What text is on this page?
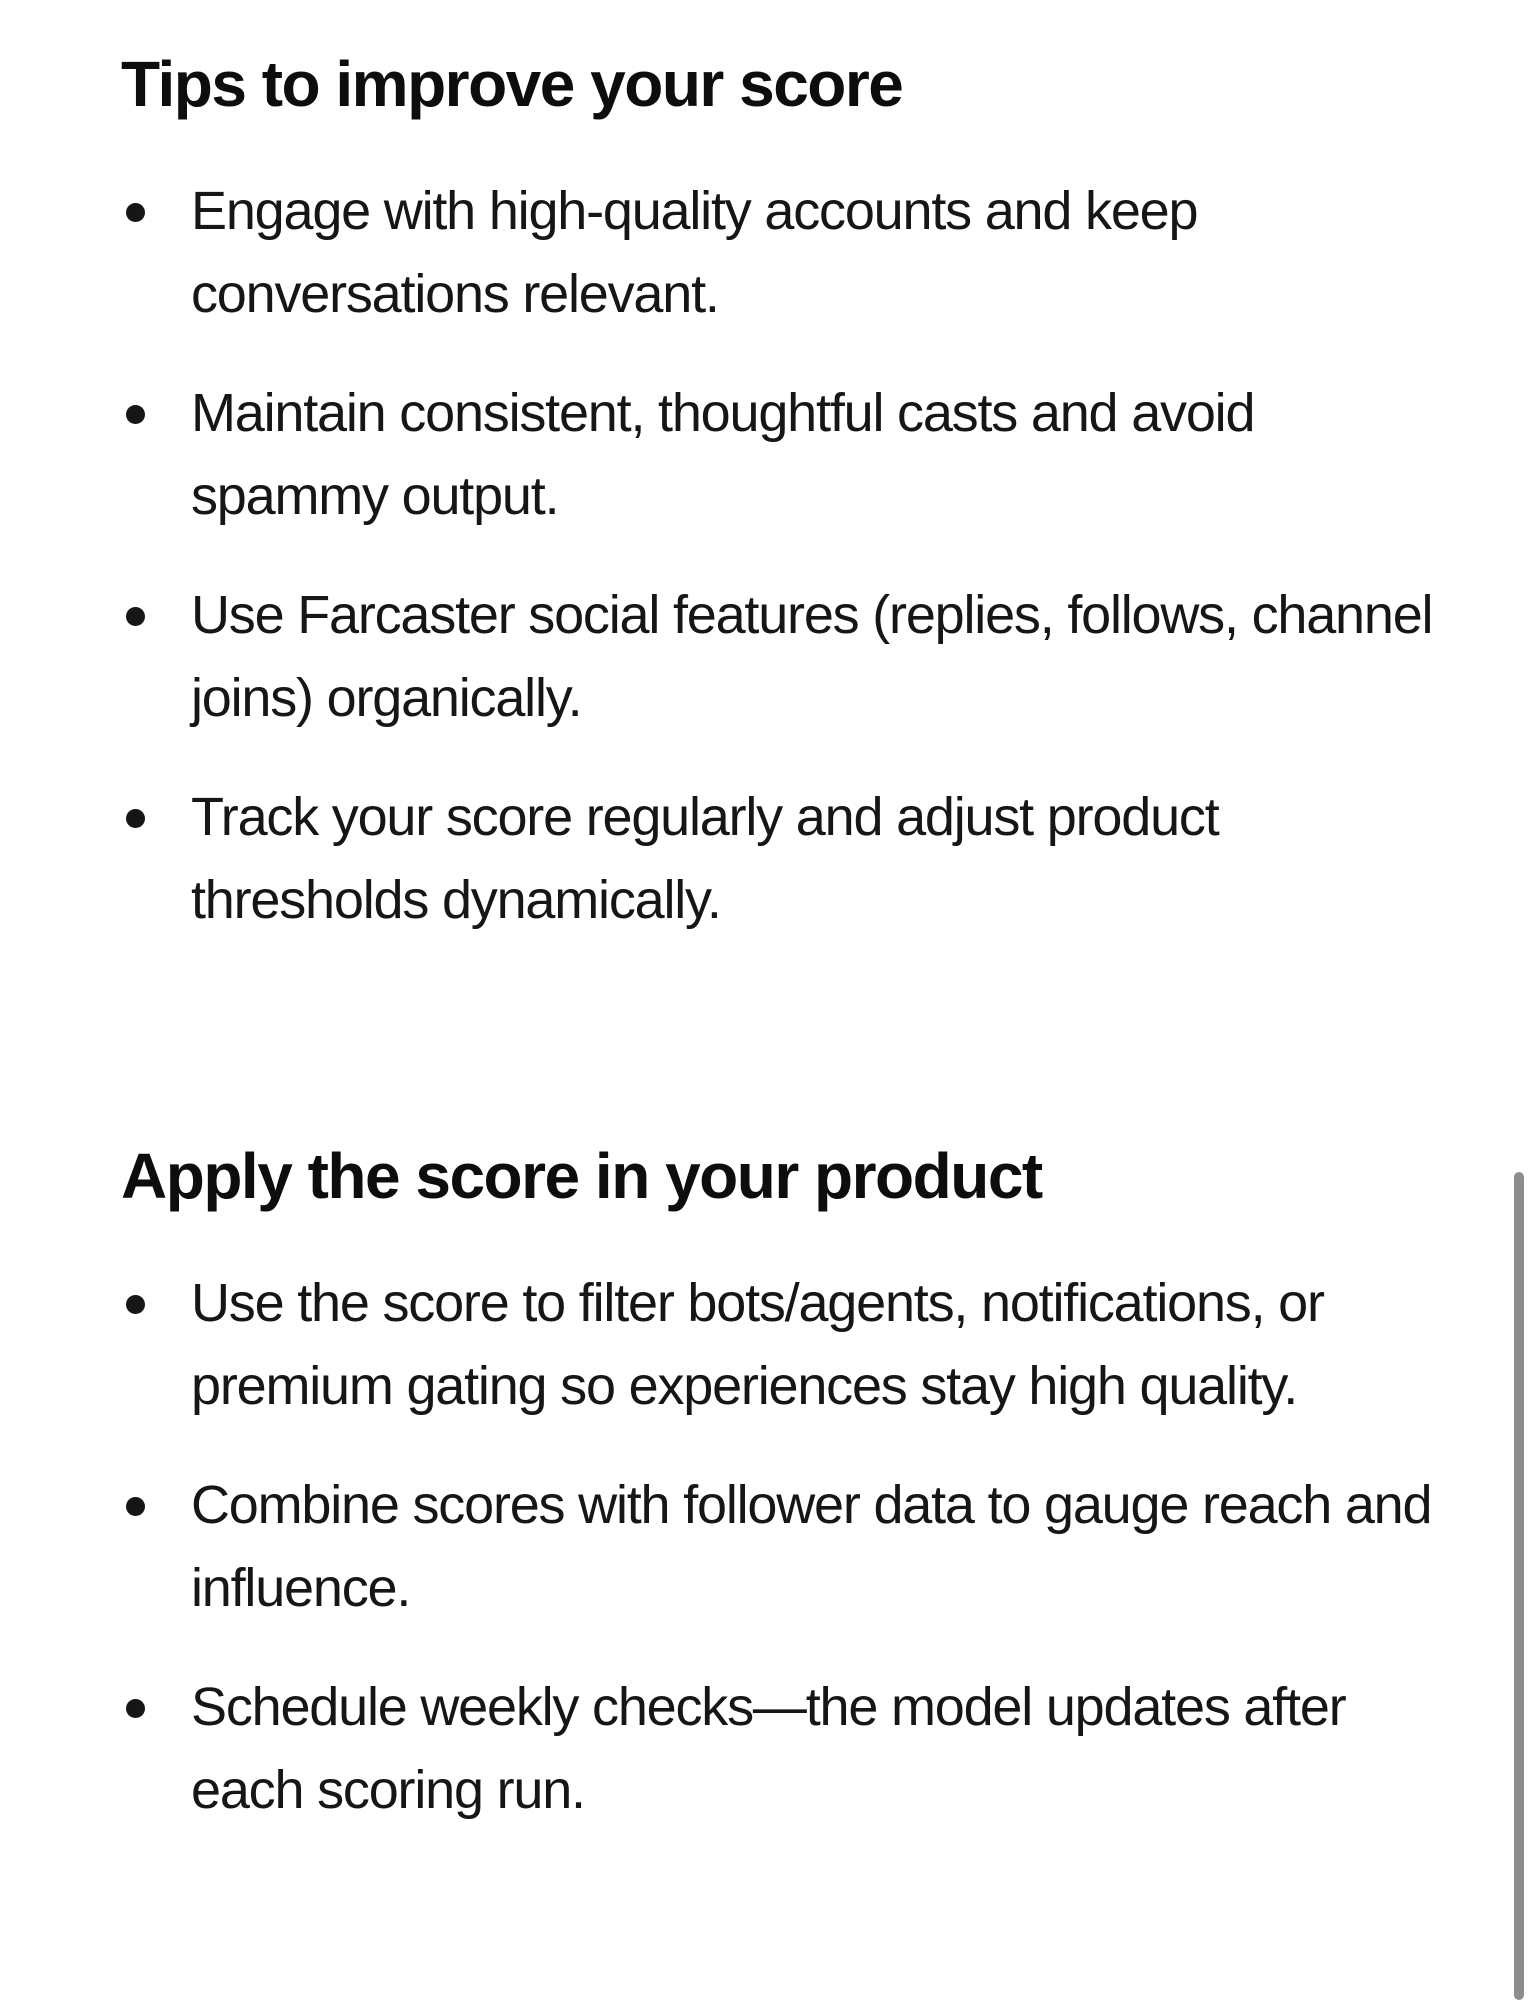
Tips to improve your score
Engage with high-quality accounts and keep conversations relevant.
Maintain consistent, thoughtful casts and avoid spammy output.
Use Farcaster social features (replies, follows, channel joins) organically.
Track your score regularly and adjust product thresholds dynamically.
Apply the score in your product
Use the score to filter bots/agents, notifications, or premium gating so experiences stay high quality.
Combine scores with follower data to gauge reach and influence.
Schedule weekly checks—the model updates after each scoring run.
